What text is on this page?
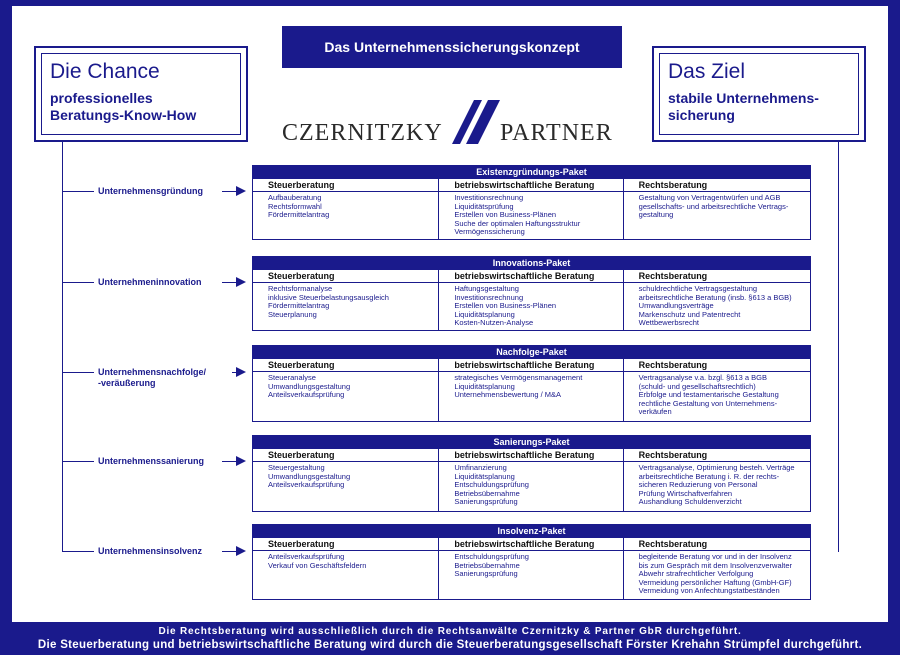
Das Unternehmenssicherungskonzept
Die Chance
professionelles
Beratungs-Know-How
Das Ziel
stabile Unternehmens-
sicherung
CZERNITZKY PARTNER
Unternehmensgründung
Existenzgründungs-Paket
Steuerberatung
Aufbauberatung
Rechtsformwahl
Fördermittelantrag
betriebswirtschaftliche Beratung
Investitionsrechnung
Liquiditätsprüfung
Erstellen von Business-Plänen
Suche der optimalen Haftungsstruktur
Vermögenssicherung
Rechtsberatung
Gestaltung von Vertragentwürfen und AGB
gesellschafts- und arbeitsrechtliche Vertrags-
gestaltung
Unternehmeninnovation
Innovations-Paket
Steuerberatung
Rechtsformanalyse
inklusive Steuerbelastungsausgleich
Fördermittelantrag
Steuerplanung
betriebswirtschaftliche Beratung
Haftungsgestaltung
Investitionsrechnung
Erstellen von Business-Plänen
Liquiditätsplanung
Kosten-Nutzen-Analyse
Rechtsberatung
schuldrechtliche Vertragsgestaltung
arbeitsrechtliche Beratung (insb. §613 a BGB)
Umwandlungsverträge
Markenschutz und Patentrecht
Wettbewerbsrecht
Unternehmensnachfolge/
-veräußerung
Nachfolge-Paket
Steuerberatung
Steueranalyse
Umwandlungsgestaltung
Anteilsverkaufsprüfung
betriebswirtschaftliche Beratung
strategisches Vermögensmanagement
Liquiditätsplanung
Unternehmensbewertung / M&A
Rechtsberatung
Vertragsanalyse v.a. bzgl. §613 a BGB
(schuld- und gesellschaftsrechtlich)
Erbfolge und testamentarische Gestaltung
rechtliche Gestaltung von Unternehmens-
verkäufen
Unternehmenssanierung
Sanierungs-Paket
Steuerberatung
Steuergestaltung
Umwandlungsgestaltung
Anteilsverkaufsprüfung
betriebswirtschaftliche Beratung
Umfinanzierung
Liquiditätsplanung
Entschuldungsprüfung
Betriebsübernahme
Sanierungsprüfung
Rechtsberatung
Vertragsanalyse, Optimierung besteh. Verträge
arbeitsrechtliche Beratung i. R. der rechts-
sicheren Reduzierung von Personal
Prüfung Wirtschaftverfahren
Aushandlung Schuldenverzicht
Unternehmensinsolvenz
Insolvenz-Paket
Steuerberatung
Anteilsverkaufsprüfung
Verkauf von Geschäftsfeldern
betriebswirtschaftliche Beratung
Entschuldungsprüfung
Betriebsübernahme
Sanierungsprüfung
Rechtsberatung
begleitende Beratung vor und in der Insolvenz
bis zum Gespräch mit dem Insolvenzverwalter
Abwehr strafrechtlicher Verfolgung
Vermeidung persönlicher Haftung (GmbH-GF)
Vermeidung von Anfechtungstatbeständen
Die Rechtsberatung wird ausschließlich durch die Rechtsanwälte Czernitzky & Partner GbR durchgeführt.
Die Steuerberatung und betriebswirtschaftliche Beratung wird durch die Steuerberatungsgesellschaft Förster Krehahn Strümpfel durchgeführt.
